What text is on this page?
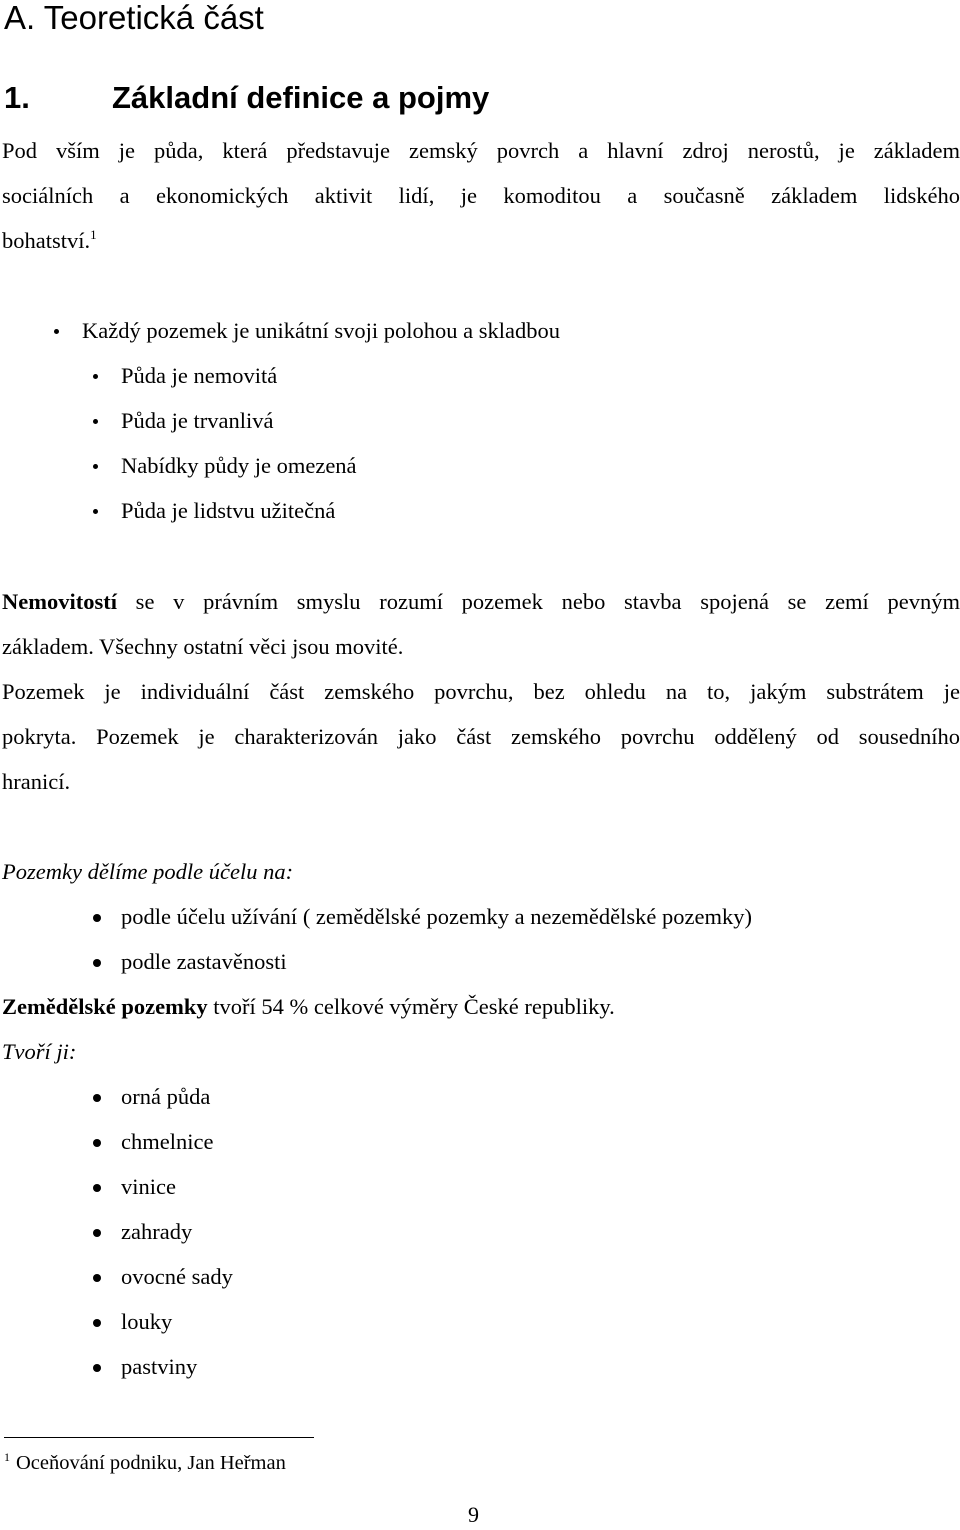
A. Teoretická část
1.	Základní definice a pojmy
Pod vším je půda, která představuje zemský povrch a hlavní zdroj nerostů, je základem
sociálních a ekonomických aktivit lidí, je komoditou a současně základem lidského
bohatství.$^1$
Každý pozemek je unikátní svoji polohou a skladbou
Půda je nemovitá
Půda je trvanlivá
Nabídky půdy je omezená
Půda je lidstvu užitečná
Nemovitostí se v právním smyslu rozumí pozemek nebo stavba spojená se zemí pevným
základem. Všechny ostatní věci jsou movité.
Pozemek je individuální část zemského povrchu, bez ohledu na to, jakým substrátem je
pokryta. Pozemek je charakterizován jako část zemského povrchu oddělený od sousedního
hranicí.
Pozemky dělíme podle účelu na:
podle účelu užívání ( zemědělské pozemky a nezemědělské pozemky)
podle zastavěnosti
Zemědělské pozemky tvoří 54 % celkové výměry České republiky.
Tvoří ji:
orná půda
chmelnice
vinice
zahrady
ovocné sady
louky
pastviny
$^1$ Oceňování podniku, Jan Heřman
9
